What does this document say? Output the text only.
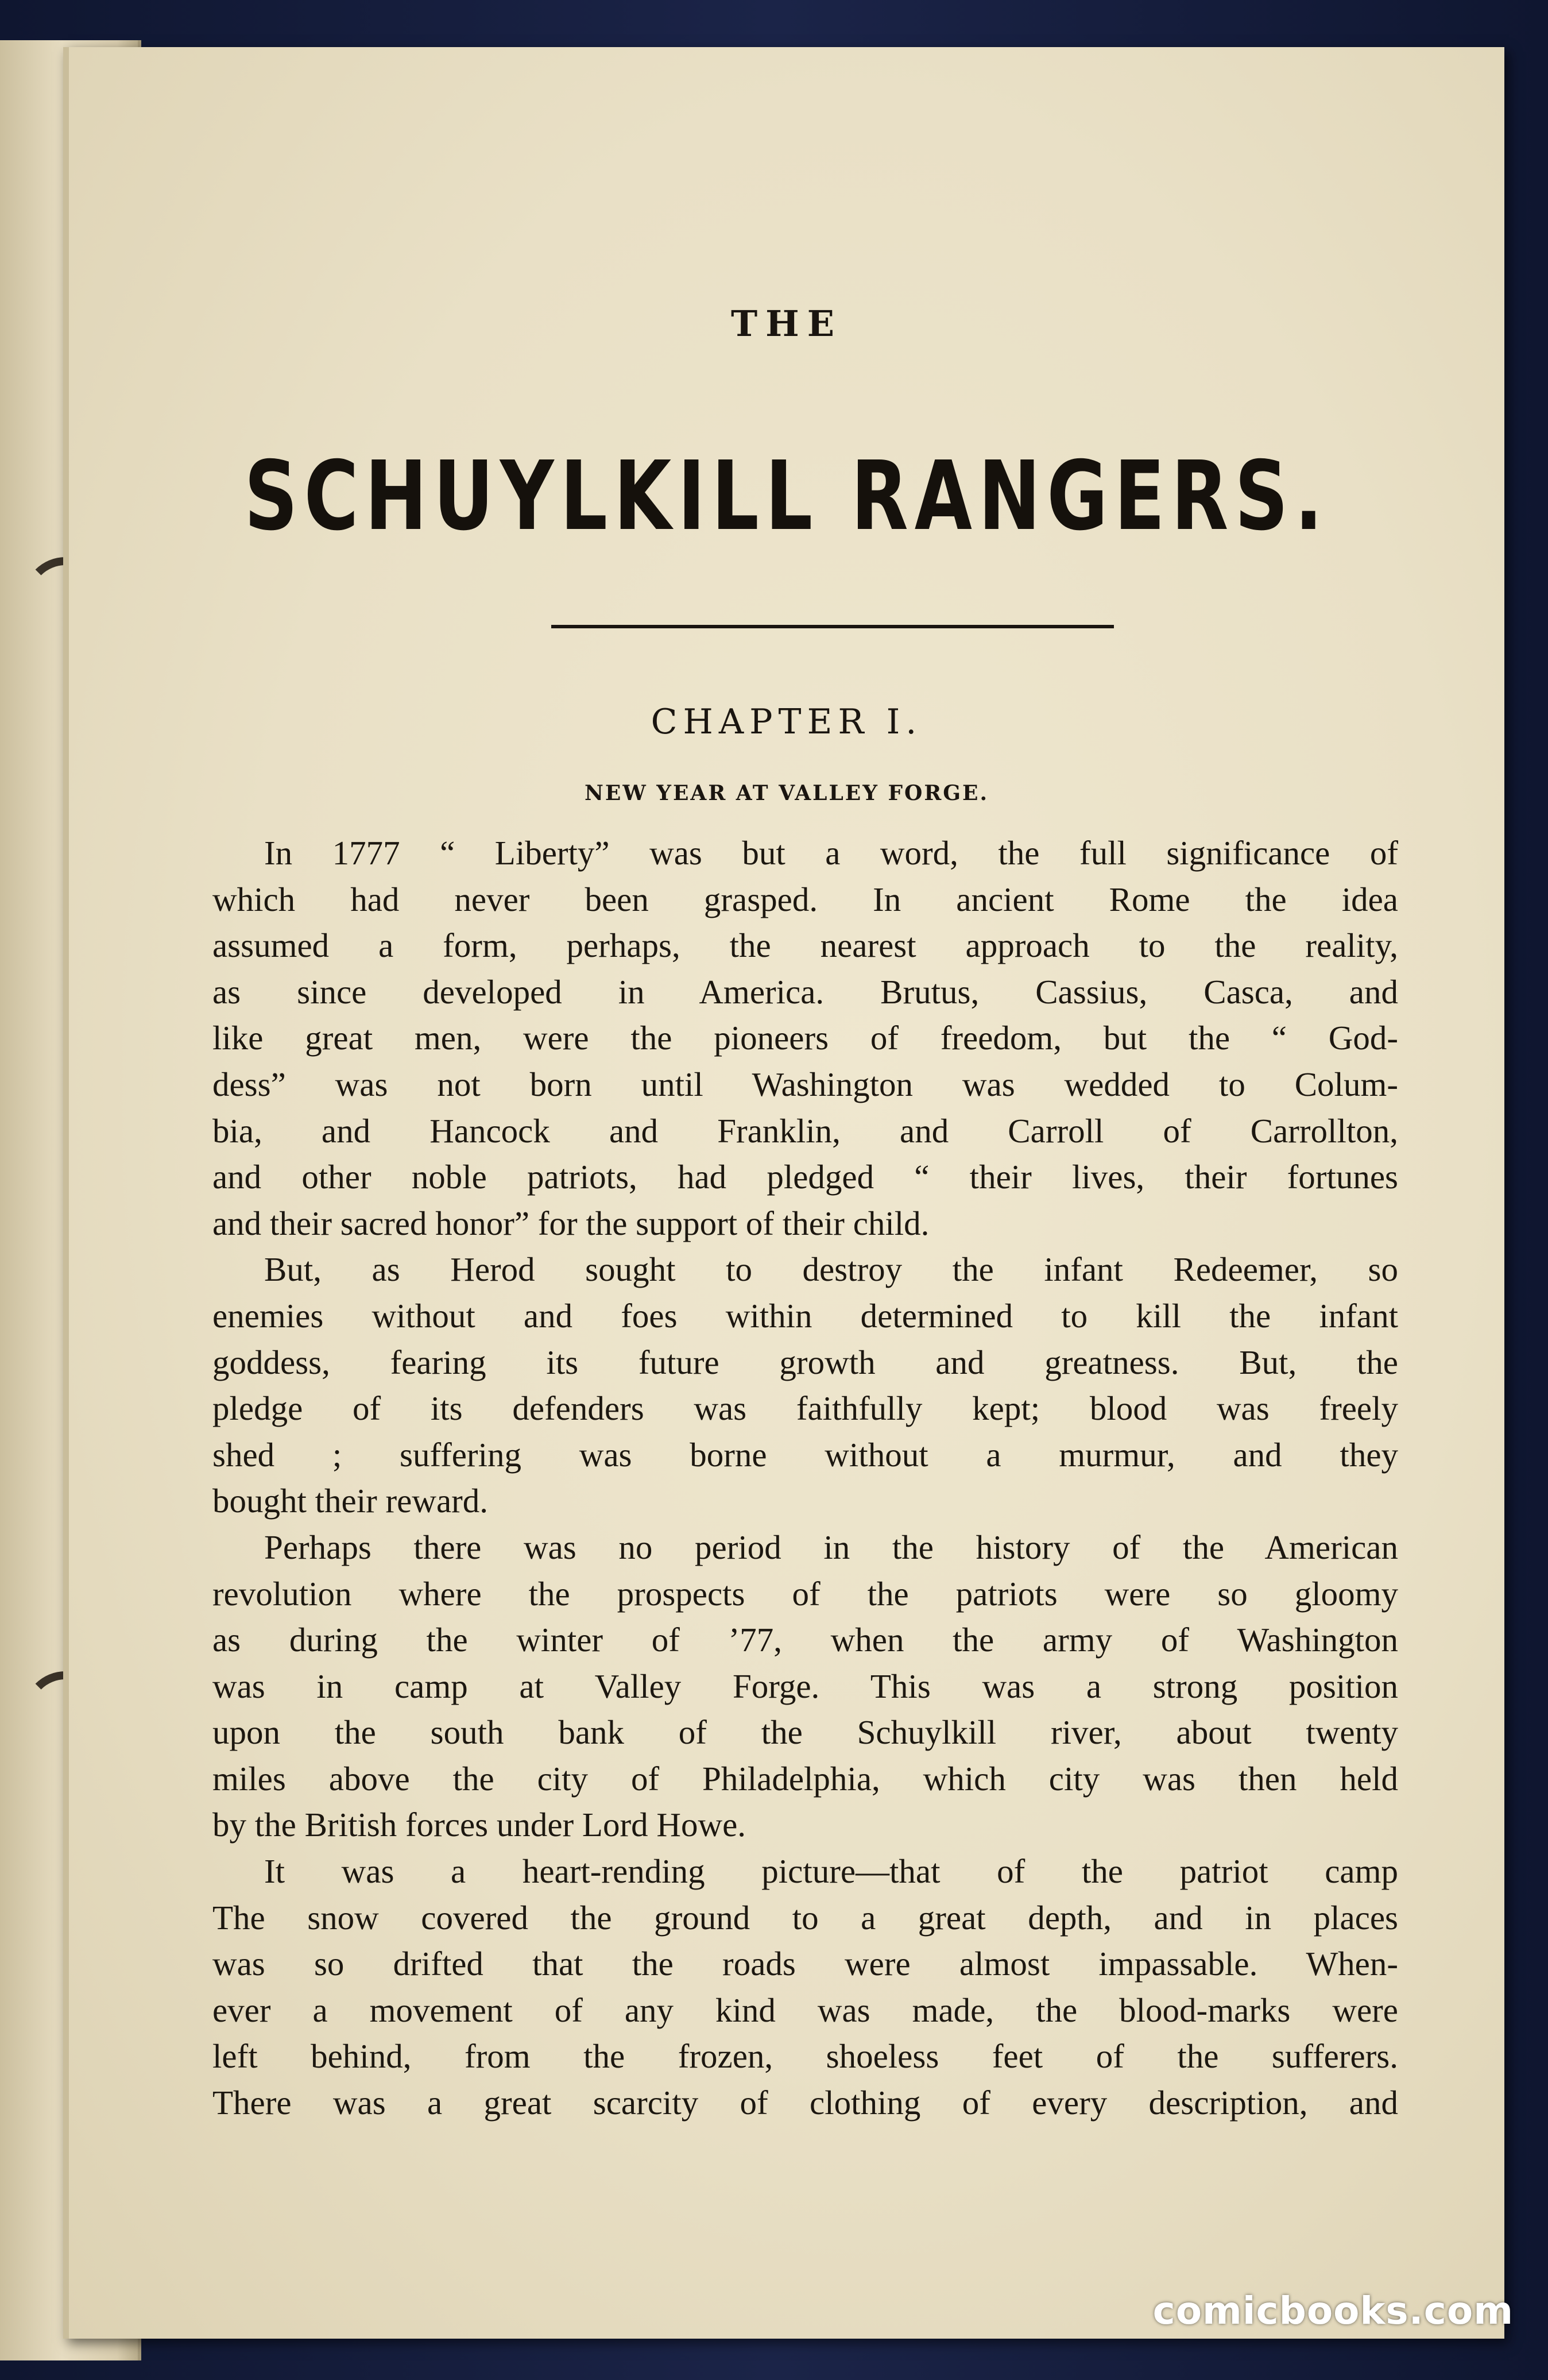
THE
SCHUYLKILL RANGERS.
CHAPTER I.
NEW YEAR AT VALLEY FORGE.
In 1777 “ Liberty” was but a word, the full significance of
which had never been grasped. In ancient Rome the idea
assumed a form, perhaps, the nearest approach to the reality,
as since developed in America. Brutus, Cassius, Casca, and
like great men, were the pioneers of freedom, but the “ God-
dess” was not born until Washington was wedded to Colum-
bia, and Hancock and Franklin, and Carroll of Carrollton,
and other noble patriots, had pledged “ their lives, their fortunes
and their sacred honor” for the support of their child.
But, as Herod sought to destroy the infant Redeemer, so
enemies without and foes within determined to kill the infant
goddess, fearing its future growth and greatness. But, the
pledge of its defenders was faithfully kept; blood was freely
shed ; suffering was borne without a murmur, and they
bought their reward.
Perhaps there was no period in the history of the American
revolution where the prospects of the patriots were so gloomy
as during the winter of ’77, when the army of Washington
was in camp at Valley Forge. This was a strong position
upon the south bank of the Schuylkill river, about twenty
miles above the city of Philadelphia, which city was then held
by the British forces under Lord Howe.
It was a heart-rending picture—that of the patriot camp
The snow covered the ground to a great depth, and in places
was so drifted that the roads were almost impassable. When-
ever a movement of any kind was made, the blood-marks were
left behind, from the frozen, shoeless feet of the sufferers.
There was a great scarcity of clothing of every description, and
comicbooks.com
